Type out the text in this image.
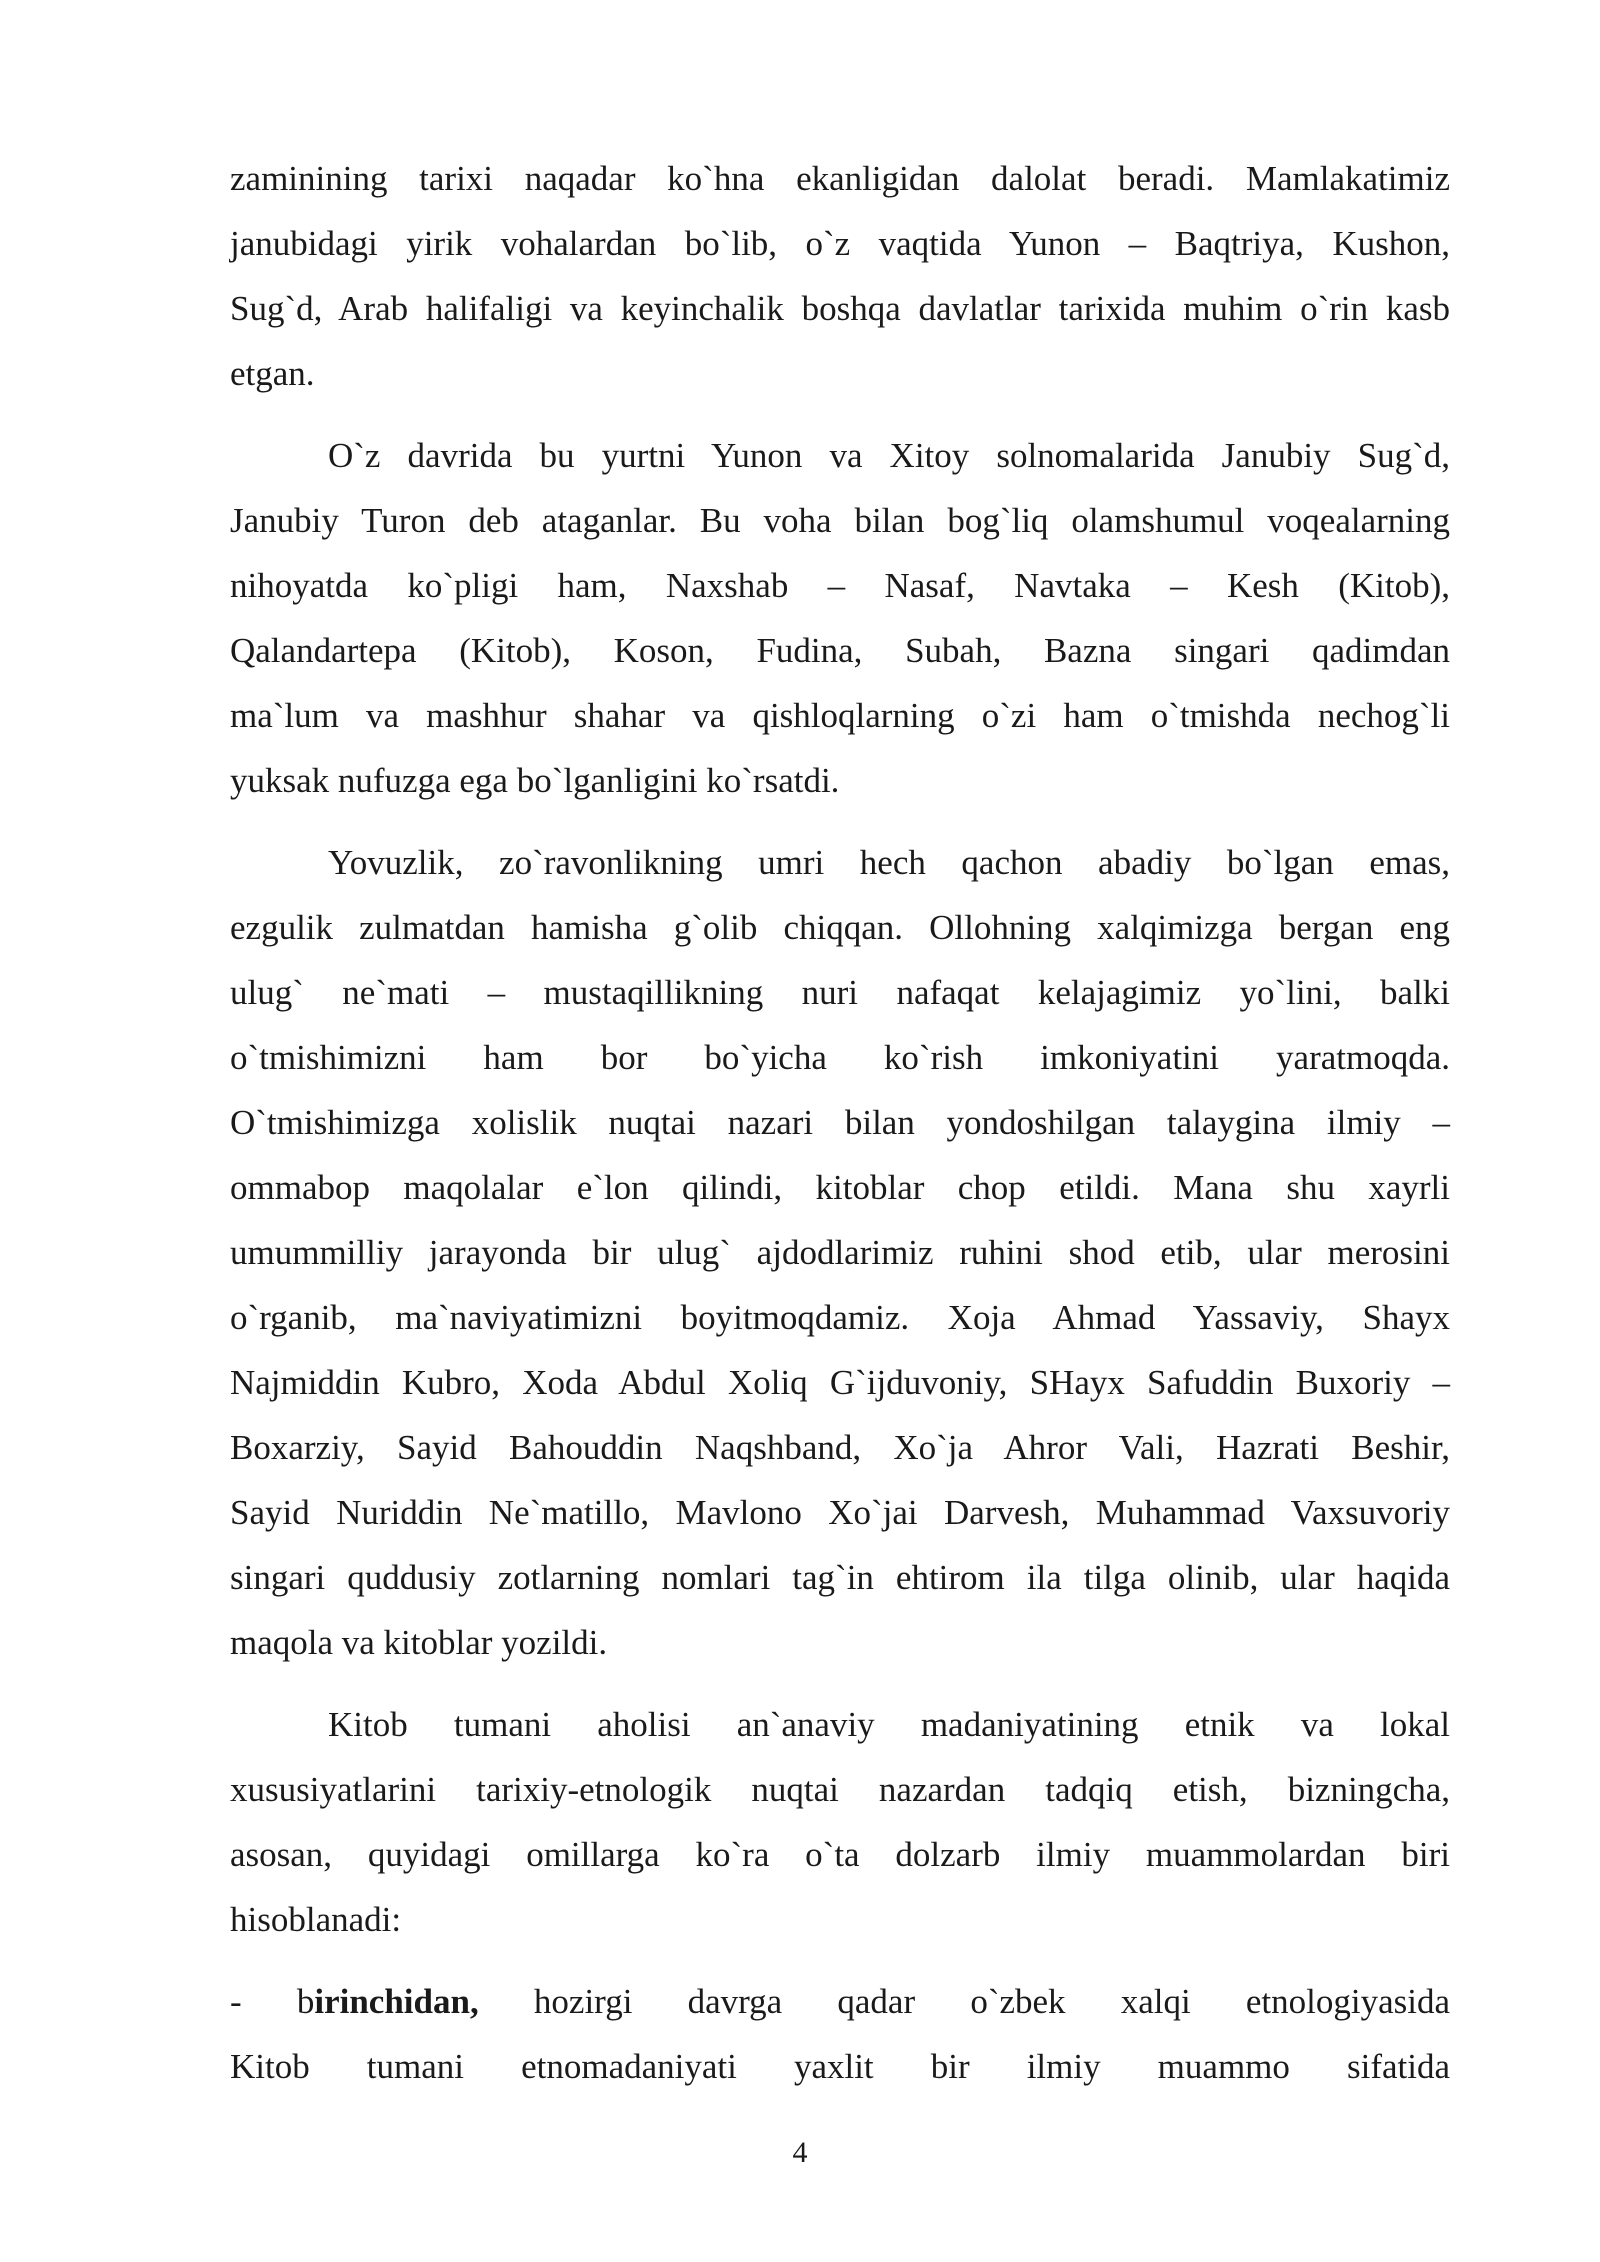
zaminining tarixi naqadar ko`hna ekanligidan dalolat beradi. Mamlakatimiz
janubidagi yirik vohalardan bo`lib, o`z vaqtida Yunon – Baqtriya, Kushon,
Sug`d, Arab halifaligi va keyinchalik boshqa davlatlar tarixida muhim o`rin kasb
etgan.

O`z davrida bu yurtni Yunon va Xitoy solnomalarida Janubiy Sug`d,
Janubiy Turon deb ataganlar. Bu voha bilan bog`liq olamshumul voqealarning
nihoyatda ko`pligi ham, Naxshab – Nasaf, Navtaka – Kesh (Kitob),
Qalandartepa (Kitob), Koson, Fudina, Subah, Bazna singari qadimdan
ma`lum va mashhur shahar va qishloqlarning o`zi ham o`tmishda nechog`li
yuksak nufuzga ega bo`lganligini ko`rsatdi.

Yovuzlik, zo`ravonlikning umri hech qachon abadiy bo`lgan emas,
ezgulik zulmatdan hamisha g`olib chiqqan. Ollohning xalqimizga bergan eng
ulug` ne`mati – mustaqillikning nuri nafaqat kelajagimiz yo`lini, balki
o`tmishimizni ham bor bo`yicha ko`rish imkoniyatini yaratmoqda.
O`tmishimizga xolislik nuqtai nazari bilan yondoshilgan talaygina ilmiy –
ommabop maqolalar e`lon qilindi, kitoblar chop etildi. Mana shu xayrli
umummilliy jarayonda bir ulug` ajdodlarimiz ruhini shod etib, ular merosini
o`rganib, ma`naviyatimizni boyitmoqdamiz. Xoja Ahmad Yassaviy, Shayx
Najmiddin Kubro, Xoda Abdul Xoliq G`ijduvoniy, SHayx Safuddin Buxoriy –
Boxarziy, Sayid Bahouddin Naqshband, Xo`ja Ahror Vali, Hazrati Beshir,
Sayid Nuriddin Ne`matillo, Mavlono Xo`jai Darvesh, Muhammad Vaxsuvoriy
singari quddusiy zotlarning nomlari tag`in ehtirom ila tilga olinib, ular haqida
maqola va kitoblar yozildi.

Kitob tumani aholisi an`anaviy madaniyatining etnik va lokal
xususiyatlarini tarixiy-etnologik nuqtai nazardan tadqiq etish, bizningcha,
asosan, quyidagi omillarga ko`ra o`ta dolzarb ilmiy muammolardan biri
hisoblanadi:

- birinchidan, hozirgi davrga qadar o`zbek xalqi etnologiyasida
Kitob tumani etnomadaniyati yaxlit bir ilmiy muammo sifatida

4
